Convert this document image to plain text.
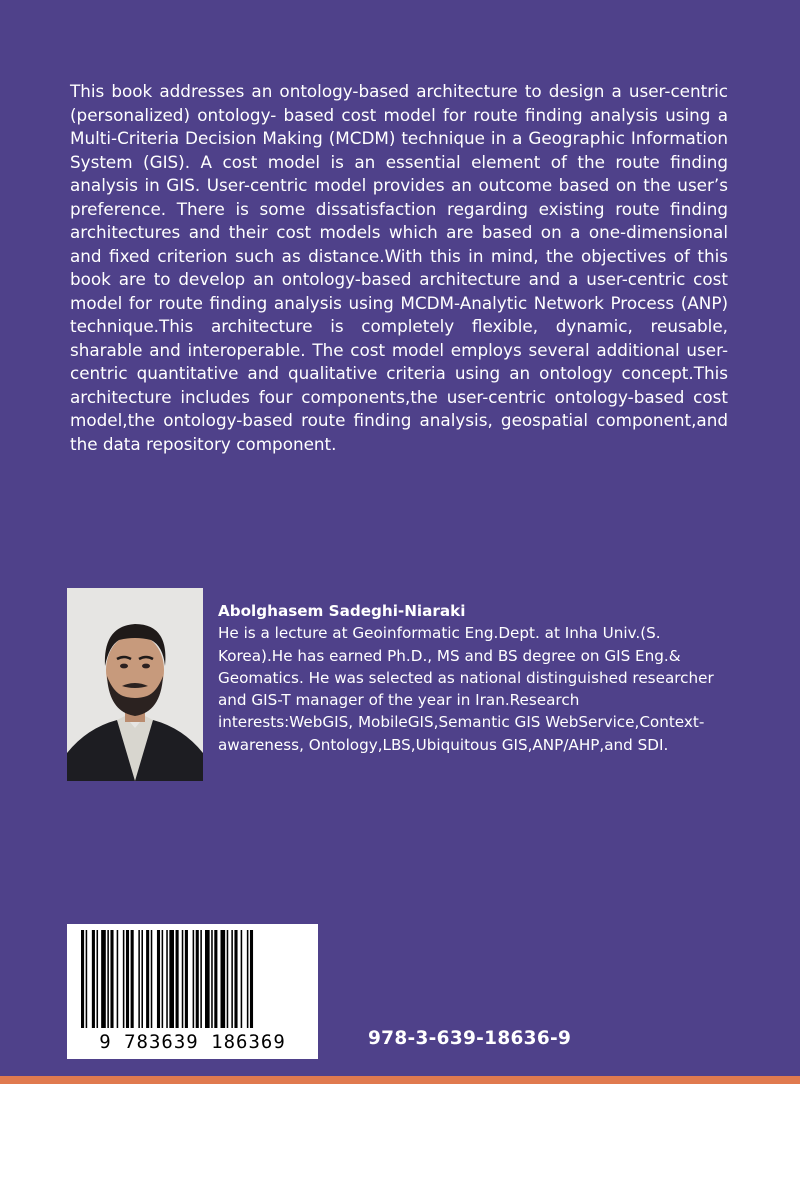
This book addresses an ontology-based architecture to design a user-centric (personalized) ontology- based cost model for route finding analysis using a Multi-Criteria Decision Making (MCDM) technique in a Geographic Information System (GIS). A cost model is an essential element of the route finding analysis in GIS. User-centric model provides an outcome based on the user’s preference. There is some dissatisfaction regarding existing route finding architectures and their cost models which are based on a one-dimensional and fixed criterion such as distance.With this in mind, the objectives of this book are to develop an ontology-based architecture and a user-centric cost model for route finding analysis using MCDM-Analytic Network Process (ANP) technique.This architecture is completely flexible, dynamic, reusable, sharable and interoperable. The cost model employs several additional user-centric quantitative and qualitative criteria using an ontology concept.This architecture includes four components,the user-centric ontology-based cost model,the ontology-based route finding analysis, geospatial component,and the data repository component.

Abolghasem Sadeghi-Niaraki
He is a lecture at Geoinformatic Eng.Dept. at Inha Univ.(S. Korea).He has earned Ph.D., MS and BS degree on GIS Eng.& Geomatics. He was selected as national distinguished researcher and GIS-T manager of the year in Iran.Research interests:WebGIS, MobileGIS,Semantic GIS WebService,Context-awareness, Ontology,LBS,Ubiquitous GIS,ANP/AHP,and SDI.
9 783639 186369	978-3-639-18636-9
